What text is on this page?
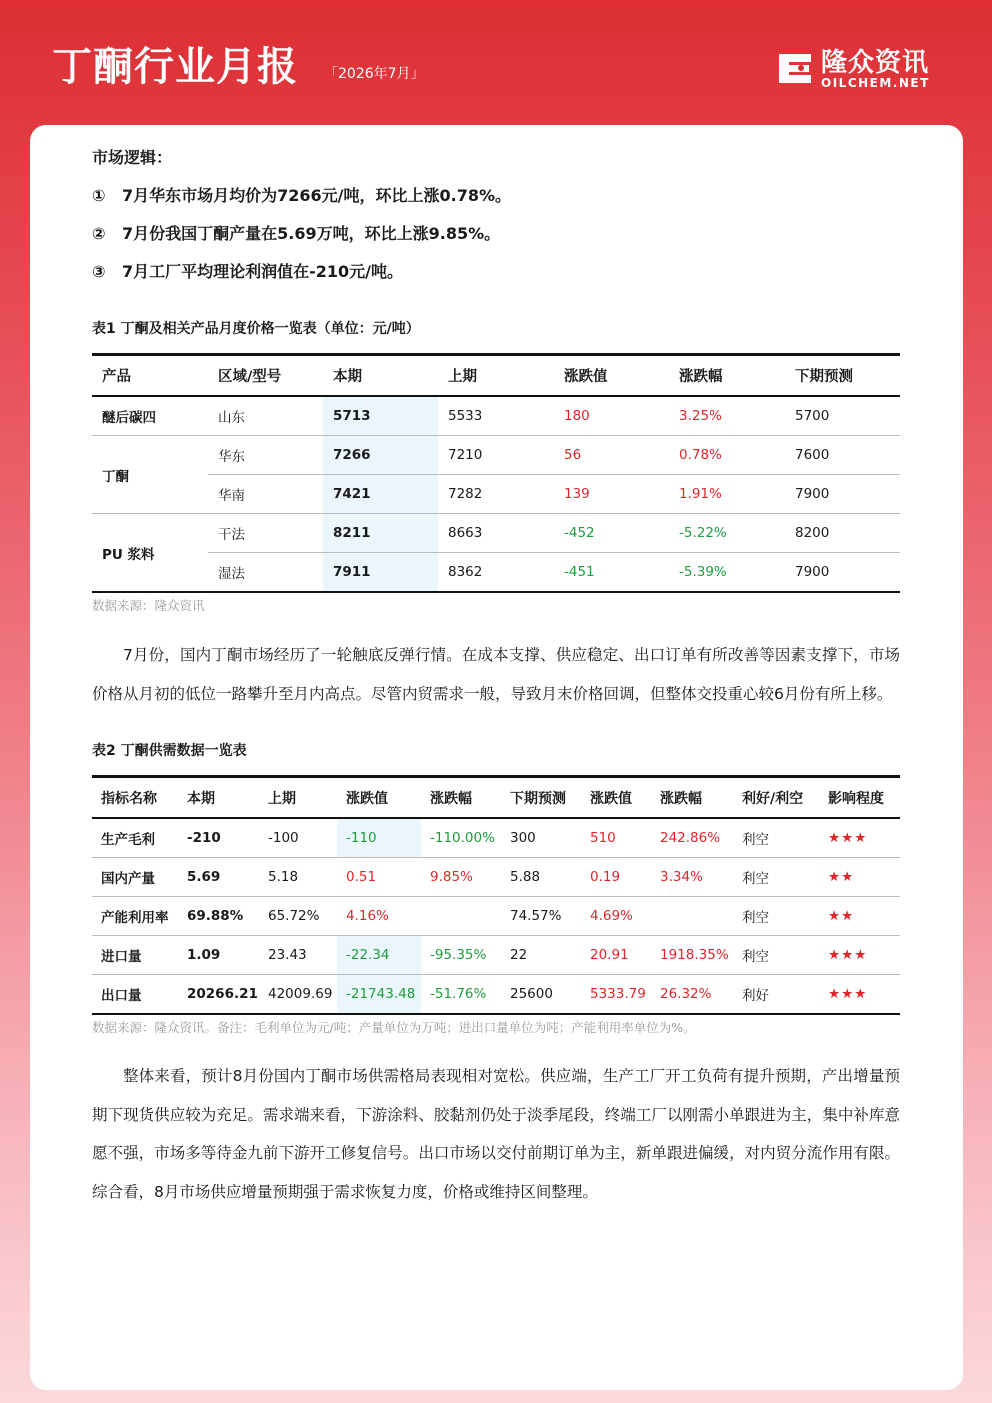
丁酮行业月报 「2026年7月」	隆众资讯
OILCHEM.NET
市场逻辑：
①	7月华东市场月均价为7266元/吨，环比上涨0.78%。
②	7月份我国丁酮产量在5.69万吨，环比上涨9.85%。
③	7月工厂平均理论利润值在-210元/吨。
表1 丁酮及相关产品月度价格一览表（单位：元/吨）
产品	区域/型号	本期	上期	涨跌值	涨跌幅	下期预测
醚后碳四	山东	5713	5533	180	3.25%	5700
丁酮	华东	7266	7210	56	0.78%	7600
	华南	7421	7282	139	1.91%	7900
PU 浆料	干法	8211	8663	-452	-5.22%	8200
	湿法	7911	8362	-451	-5.39%	7900
数据来源：隆众资讯

7月份，国内丁酮市场经历了一轮触底反弹行情。在成本支撑、供应稳定、出口订单有所改善等因素支撑下，市场价格从月初的低位一路攀升至月内高点。尽管内贸需求一般，导致月末价格回调，但整体交投重心较6月份有所上移。

表2 丁酮供需数据一览表
指标名称	本期	上期	涨跌值	涨跌幅	下期预测	涨跌值	涨跌幅	利好/利空	影响程度
生产毛利	-210	-100	-110	-110.00%	300	510	242.86%	利空	★★★
国内产量	5.69	5.18	0.51	9.85%	5.88	0.19	3.34%	利空	★★
产能利用率	69.88%	65.72%	4.16%		74.57%	4.69%		利空	★★
进口量	1.09	23.43	-22.34	-95.35%	22	20.91	1918.35%	利空	★★★
出口量	20266.21	42009.69	-21743.48	-51.76%	25600	5333.79	26.32%	利好	★★★
数据来源：隆众资讯。备注：毛利单位为元/吨；产量单位为万吨；进出口量单位为吨；产能利用率单位为%。

整体来看，预计8月份国内丁酮市场供需格局表现相对宽松。供应端，生产工厂开工负荷有提升预期，产出增量预期下现货供应较为充足。需求端来看，下游涂料、胶黏剂仍处于淡季尾段，终端工厂以刚需小单跟进为主，集中补库意愿不强，市场多等待金九前下游开工修复信号。出口市场以交付前期订单为主，新单跟进偏缓，对内贸分流作用有限。综合看，8月市场供应增量预期强于需求恢复力度，价格或维持区间整理。
